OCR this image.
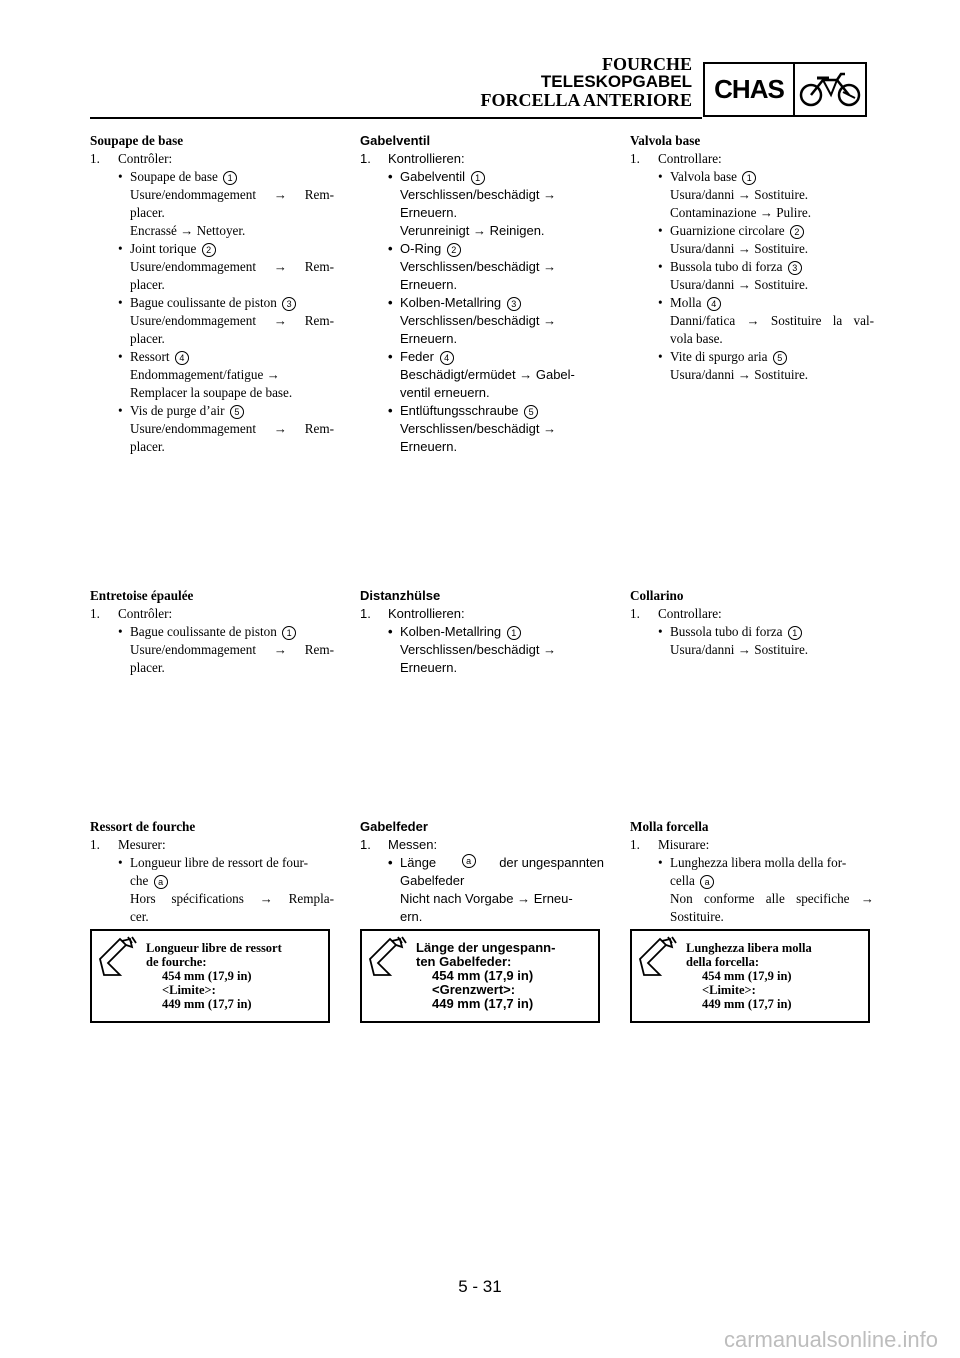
FOURCHE
TELESKOPGABEL
FORCELLA ANTERIORE CHAS
Soupape de base
1. Contrôler:
• Soupape de base 1
Usure/endommagement → Rem-
placer.
Encrassé → Nettoyer.
• Joint torique 2
Usure/endommagement → Rem-
placer.
• Bague coulissante de piston 3
Usure/endommagement → Rem-
placer.
• Ressort 4
Endommagement/fatigue →
Remplacer la soupape de base.
• Vis de purge d’air 5
Usure/endommagement → Rem-
placer.
Entretoise épaulée
1. Contrôler:
• Bague coulissante de piston 1
Usure/endommagement → Rem-
placer.
Ressort de fourche
1. Mesurer:
• Longueur libre de ressort de four-
che a
Hors spécifications → Rempla-
cer.
Longueur libre de ressort
de fourche:
454 mm (17,9 in)
<Limite>:
449 mm (17,7 in)
Gabelventil
1. Kontrollieren:
• Gabelventil 1
Verschlissen/beschädigt →
Erneuern.
Verunreinigt → Reinigen.
• O-Ring 2
Verschlissen/beschädigt →
Erneuern.
• Kolben-Metallring 3
Verschlissen/beschädigt →
Erneuern.
• Feder 4
Beschädigt/ermüdet → Gabel-
ventil erneuern.
• Entlüftungsschraube 5
Verschlissen/beschädigt →
Erneuern.
Distanzhülse
1. Kontrollieren:
• Kolben-Metallring 1
Verschlissen/beschädigt →
Erneuern.
Gabelfeder
1. Messen:
• Länge	a	der ungespannten
Gabelfeder
Nicht nach Vorgabe → Erneu-
ern.
Länge der ungespann-
ten Gabelfeder:
454 mm (17,9 in)
<Grenzwert>:
449 mm (17,7 in)
Valvola base
1. Controllare:
• Valvola base 1
Usura/danni → Sostituire.
Contaminazione → Pulire.
• Guarnizione circolare 2
Usura/danni → Sostituire.
• Bussola tubo di forza 3
Usura/danni → Sostituire.
• Molla 4
Danni/fatica → Sostituire la val-
vola base.
• Vite di spurgo aria 5
Usura/danni → Sostituire.
Collarino
1. Controllare:
• Bussola tubo di forza 1
Usura/danni → Sostituire.
Molla forcella
1. Misurare:
• Lunghezza libera molla della for-
cella a
Non conforme alle specifiche →
Sostituire.
Lunghezza libera molla
della forcella:
454 mm (17,9 in)
<Limite>:
449 mm (17,7 in)
5 - 31
carmanualsonline.info
